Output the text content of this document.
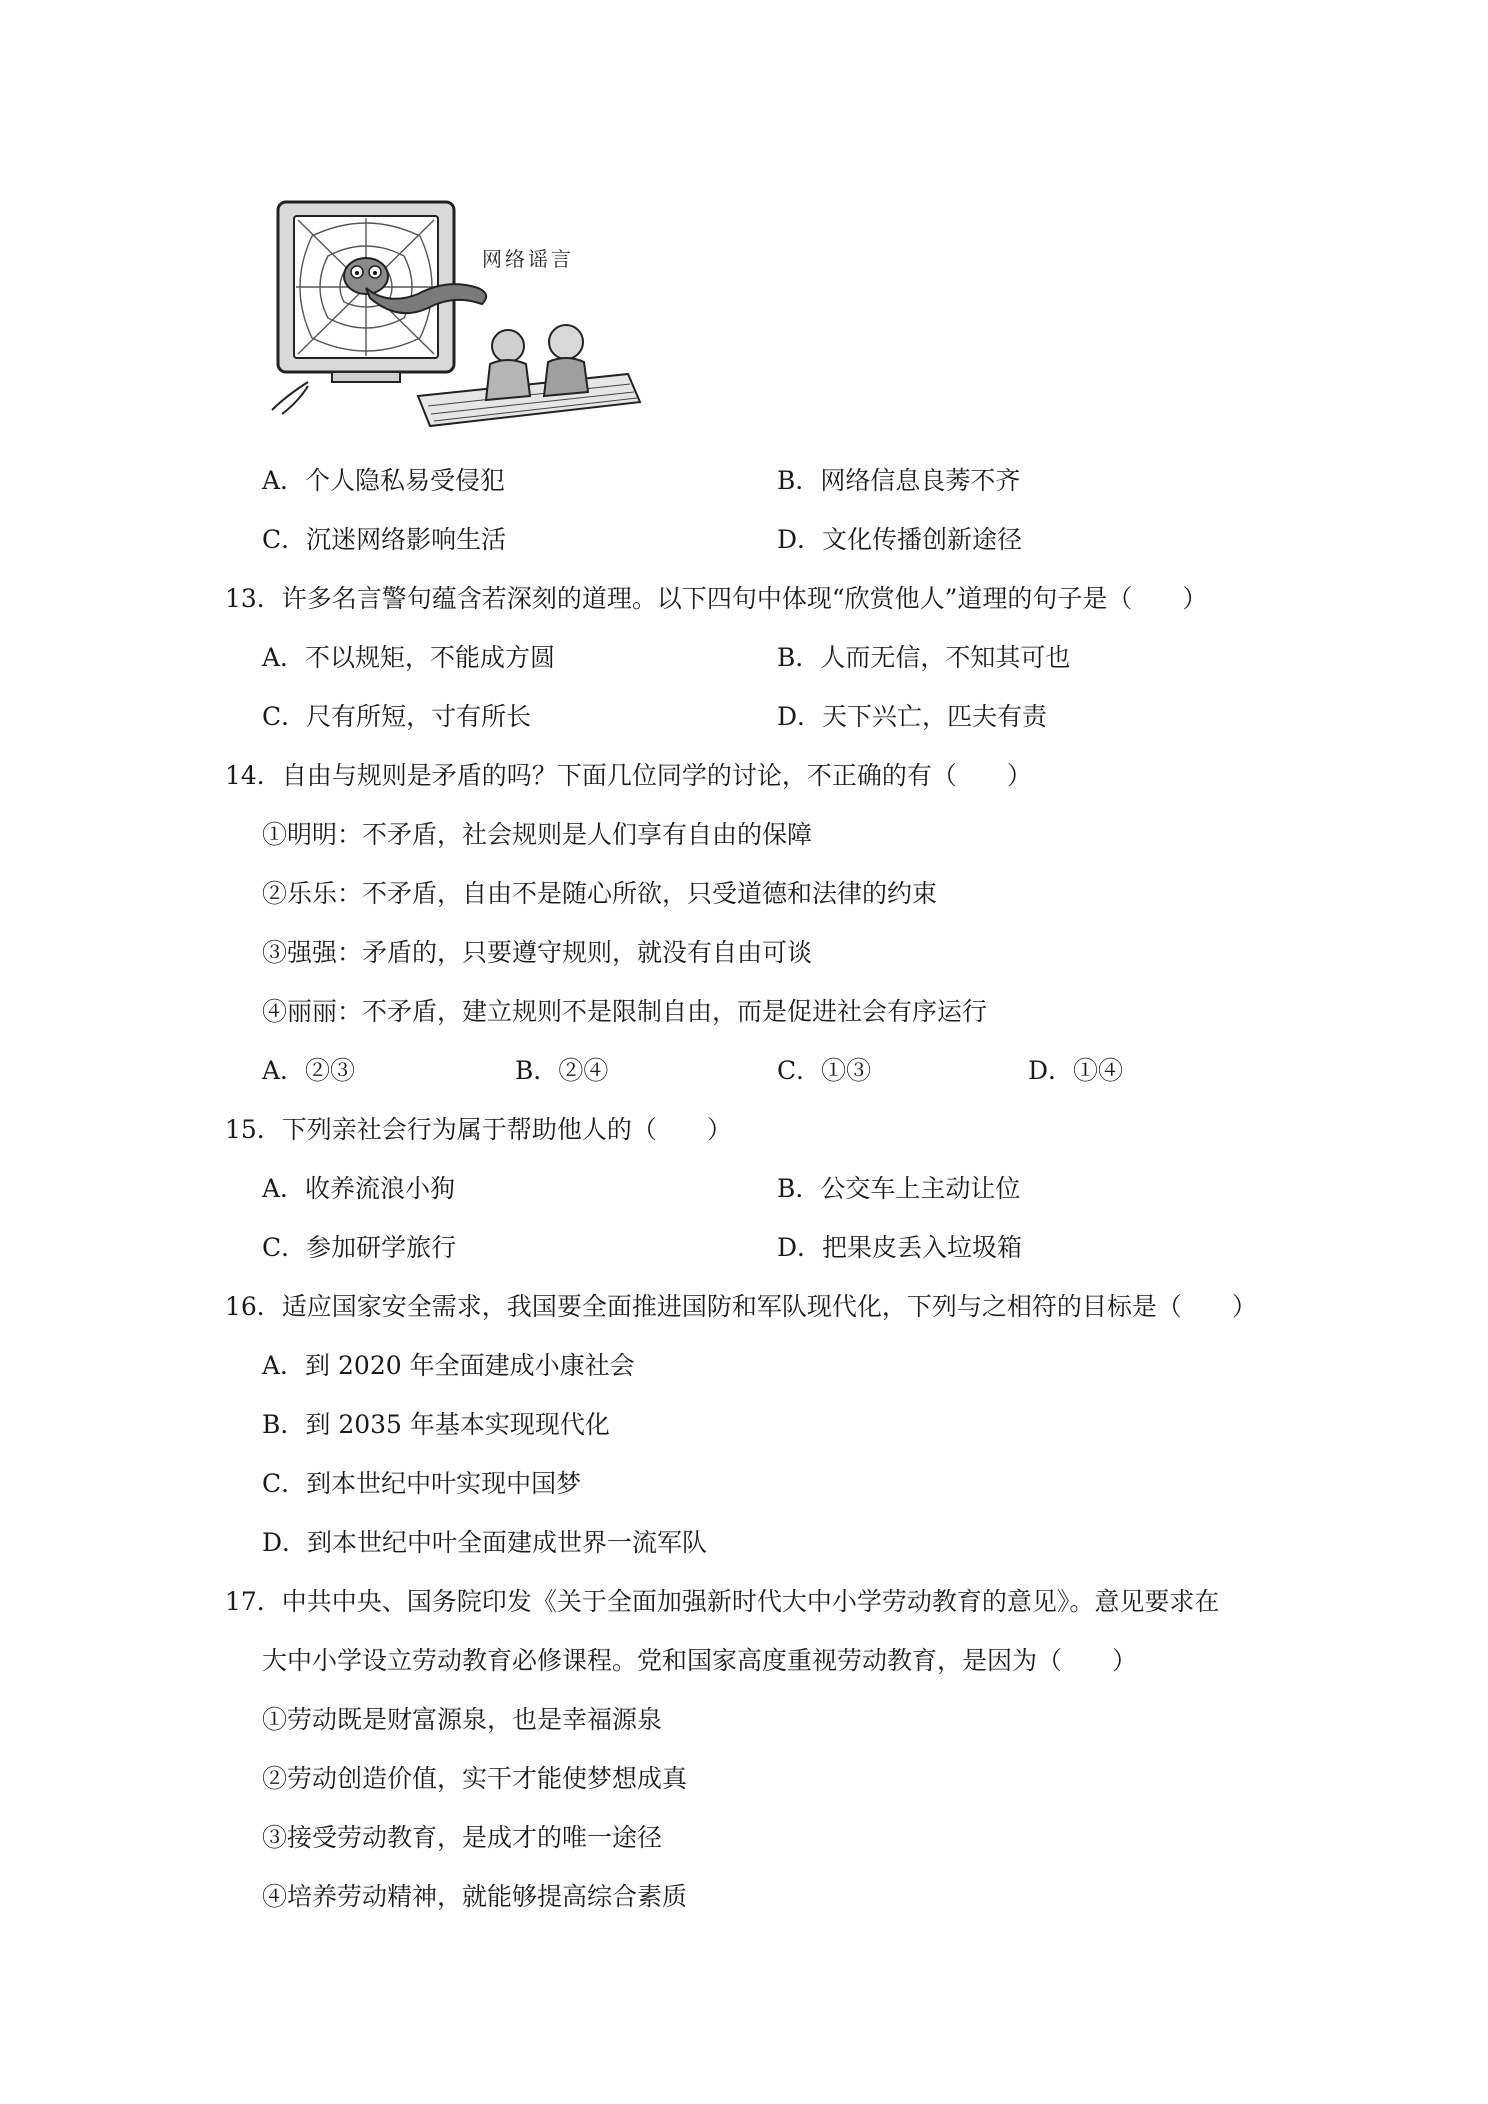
网络谣言
A．个人隐私易受侵犯	B．网络信息良莠不齐
C．沉迷网络影响生活	D．文化传播创新途径
13．许多名言警句蕴含若深刻的道理。以下四句中体现“欣赏他人”道理的句子是（　　）
A．不以规矩，不能成方圆	B．人而无信，不知其可也
C．尺有所短，寸有所长	D．天下兴亡，匹夫有责
14．自由与规则是矛盾的吗？下面几位同学的讨论，不正确的有（　　）
①明明：不矛盾，社会规则是人们享有自由的保障
②乐乐：不矛盾，自由不是随心所欲，只受道德和法律的约束
③强强：矛盾的，只要遵守规则，就没有自由可谈
④丽丽：不矛盾，建立规则不是限制自由，而是促进社会有序运行
A．②③	B．②④	C．①③	D．①④
15．下列亲社会行为属于帮助他人的（　　）
A．收养流浪小狗	B．公交车上主动让位
C．参加研学旅行	D．把果皮丢入垃圾箱
16．适应国家安全需求，我国要全面推进国防和军队现代化，下列与之相符的目标是（　　）
A．到 2020 年全面建成小康社会
B．到 2035 年基本实现现代化
C．到本世纪中叶实现中国梦
D．到本世纪中叶全面建成世界一流军队
17．中共中央、国务院印发《关于全面加强新时代大中小学劳动教育的意见》。意见要求在
大中小学设立劳动教育必修课程。党和国家高度重视劳动教育，是因为（　　）
①劳动既是财富源泉，也是幸福源泉
②劳动创造价值，实干才能使梦想成真
③接受劳动教育，是成才的唯一途径
④培养劳动精神，就能够提高综合素质
